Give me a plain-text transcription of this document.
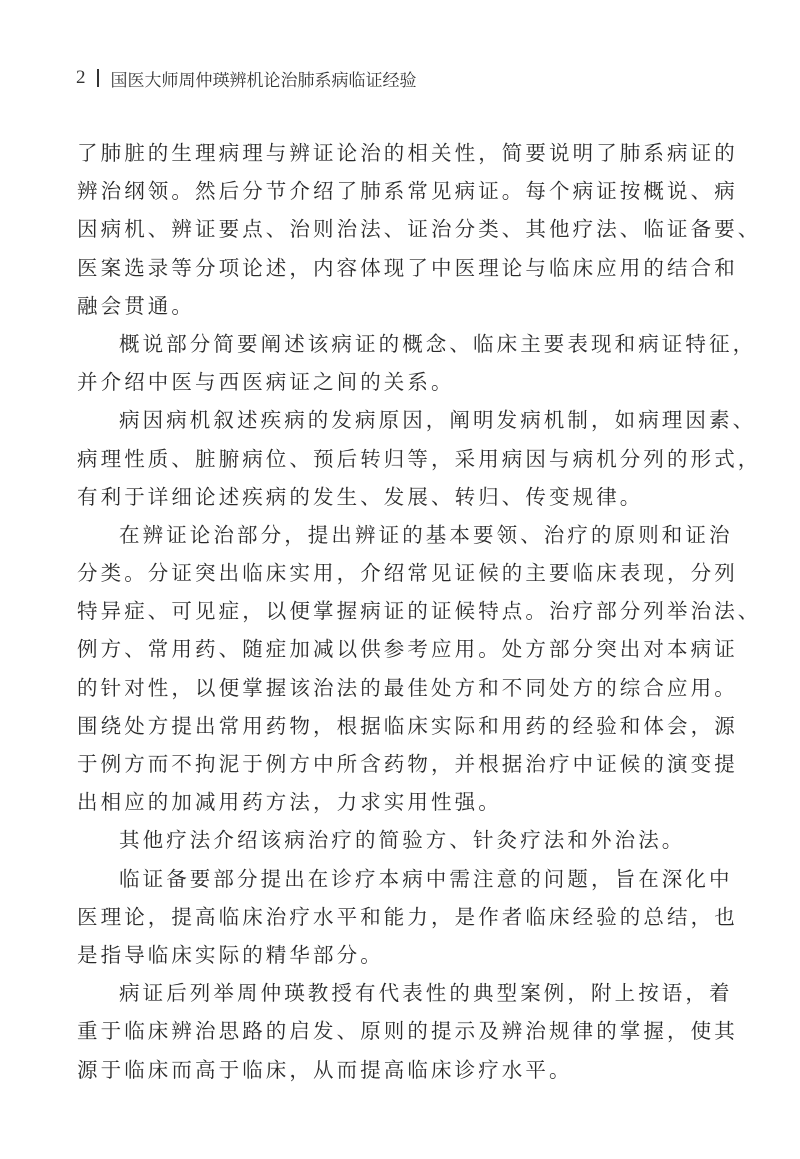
2 国医大师周仲瑛辨机论治肺系病临证经验
了肺脏的生理病理与辨证论治的相关性，简要说明了肺系病证的
辨治纲领。然后分节介绍了肺系常见病证。每个病证按概说、病
因病机、辨证要点、治则治法、证治分类、其他疗法、临证备要、
医案选录等分项论述，内容体现了中医理论与临床应用的结合和
融会贯通。
概说部分简要阐述该病证的概念、临床主要表现和病证特征，
并介绍中医与西医病证之间的关系。
病因病机叙述疾病的发病原因，阐明发病机制，如病理因素、
病理性质、脏腑病位、预后转归等，采用病因与病机分列的形式，
有利于详细论述疾病的发生、发展、转归、传变规律。
在辨证论治部分，提出辨证的基本要领、治疗的原则和证治
分类。分证突出临床实用，介绍常见证候的主要临床表现，分列
特异症、可见症，以便掌握病证的证候特点。治疗部分列举治法、
例方、常用药、随症加减以供参考应用。处方部分突出对本病证
的针对性，以便掌握该治法的最佳处方和不同处方的综合应用。
围绕处方提出常用药物，根据临床实际和用药的经验和体会，源
于例方而不拘泥于例方中所含药物，并根据治疗中证候的演变提
出相应的加减用药方法，力求实用性强。
其他疗法介绍该病治疗的简验方、针灸疗法和外治法。
临证备要部分提出在诊疗本病中需注意的问题，旨在深化中
医理论，提高临床治疗水平和能力，是作者临床经验的总结，也
是指导临床实际的精华部分。
病证后列举周仲瑛教授有代表性的典型案例，附上按语，着
重于临床辨治思路的启发、原则的提示及辨治规律的掌握，使其
源于临床而高于临床，从而提高临床诊疗水平。
